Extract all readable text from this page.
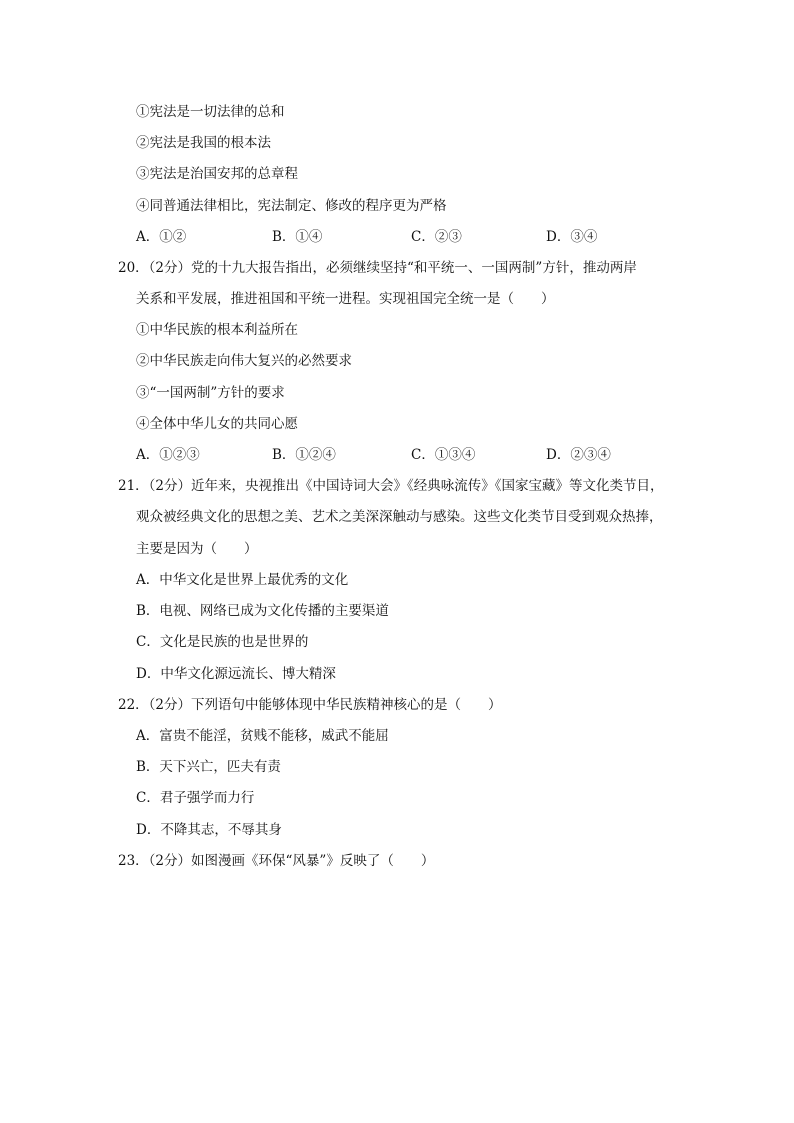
①宪法是一切法律的总和
②宪法是我国的根本法
③宪法是治国安邦的总章程
④同普通法律相比，宪法制定、修改的程序更为严格
A．①②	B．①④	C．②③	D．③④
20．（2分）党的十九大报告指出，必须继续坚持“和平统一、一国两制”方针，推动两岸
关系和平发展，推进祖国和平统一进程。实现祖国完全统一是（　　）
①中华民族的根本利益所在
②中华民族走向伟大复兴的必然要求
③“一国两制”方针的要求
④全体中华儿女的共同心愿
A．①②③	B．①②④	C．①③④	D．②③④
21．（2分）近年来，央视推出《中国诗词大会》《经典咏流传》《国家宝藏》等文化类节目，
观众被经典文化的思想之美、艺术之美深深触动与感染。这些文化类节目受到观众热捧，
主要是因为（　　）
A．中华文化是世界上最优秀的文化
B．电视、网络已成为文化传播的主要渠道
C．文化是民族的也是世界的
D．中华文化源远流长、博大精深
22．（2分）下列语句中能够体现中华民族精神核心的是（　　）
A．富贵不能淫，贫贱不能移，威武不能屈
B．天下兴亡，匹夫有责
C．君子强学而力行
D．不降其志，不辱其身
23．（2分）如图漫画《环保“风暴”》反映了（　　）
